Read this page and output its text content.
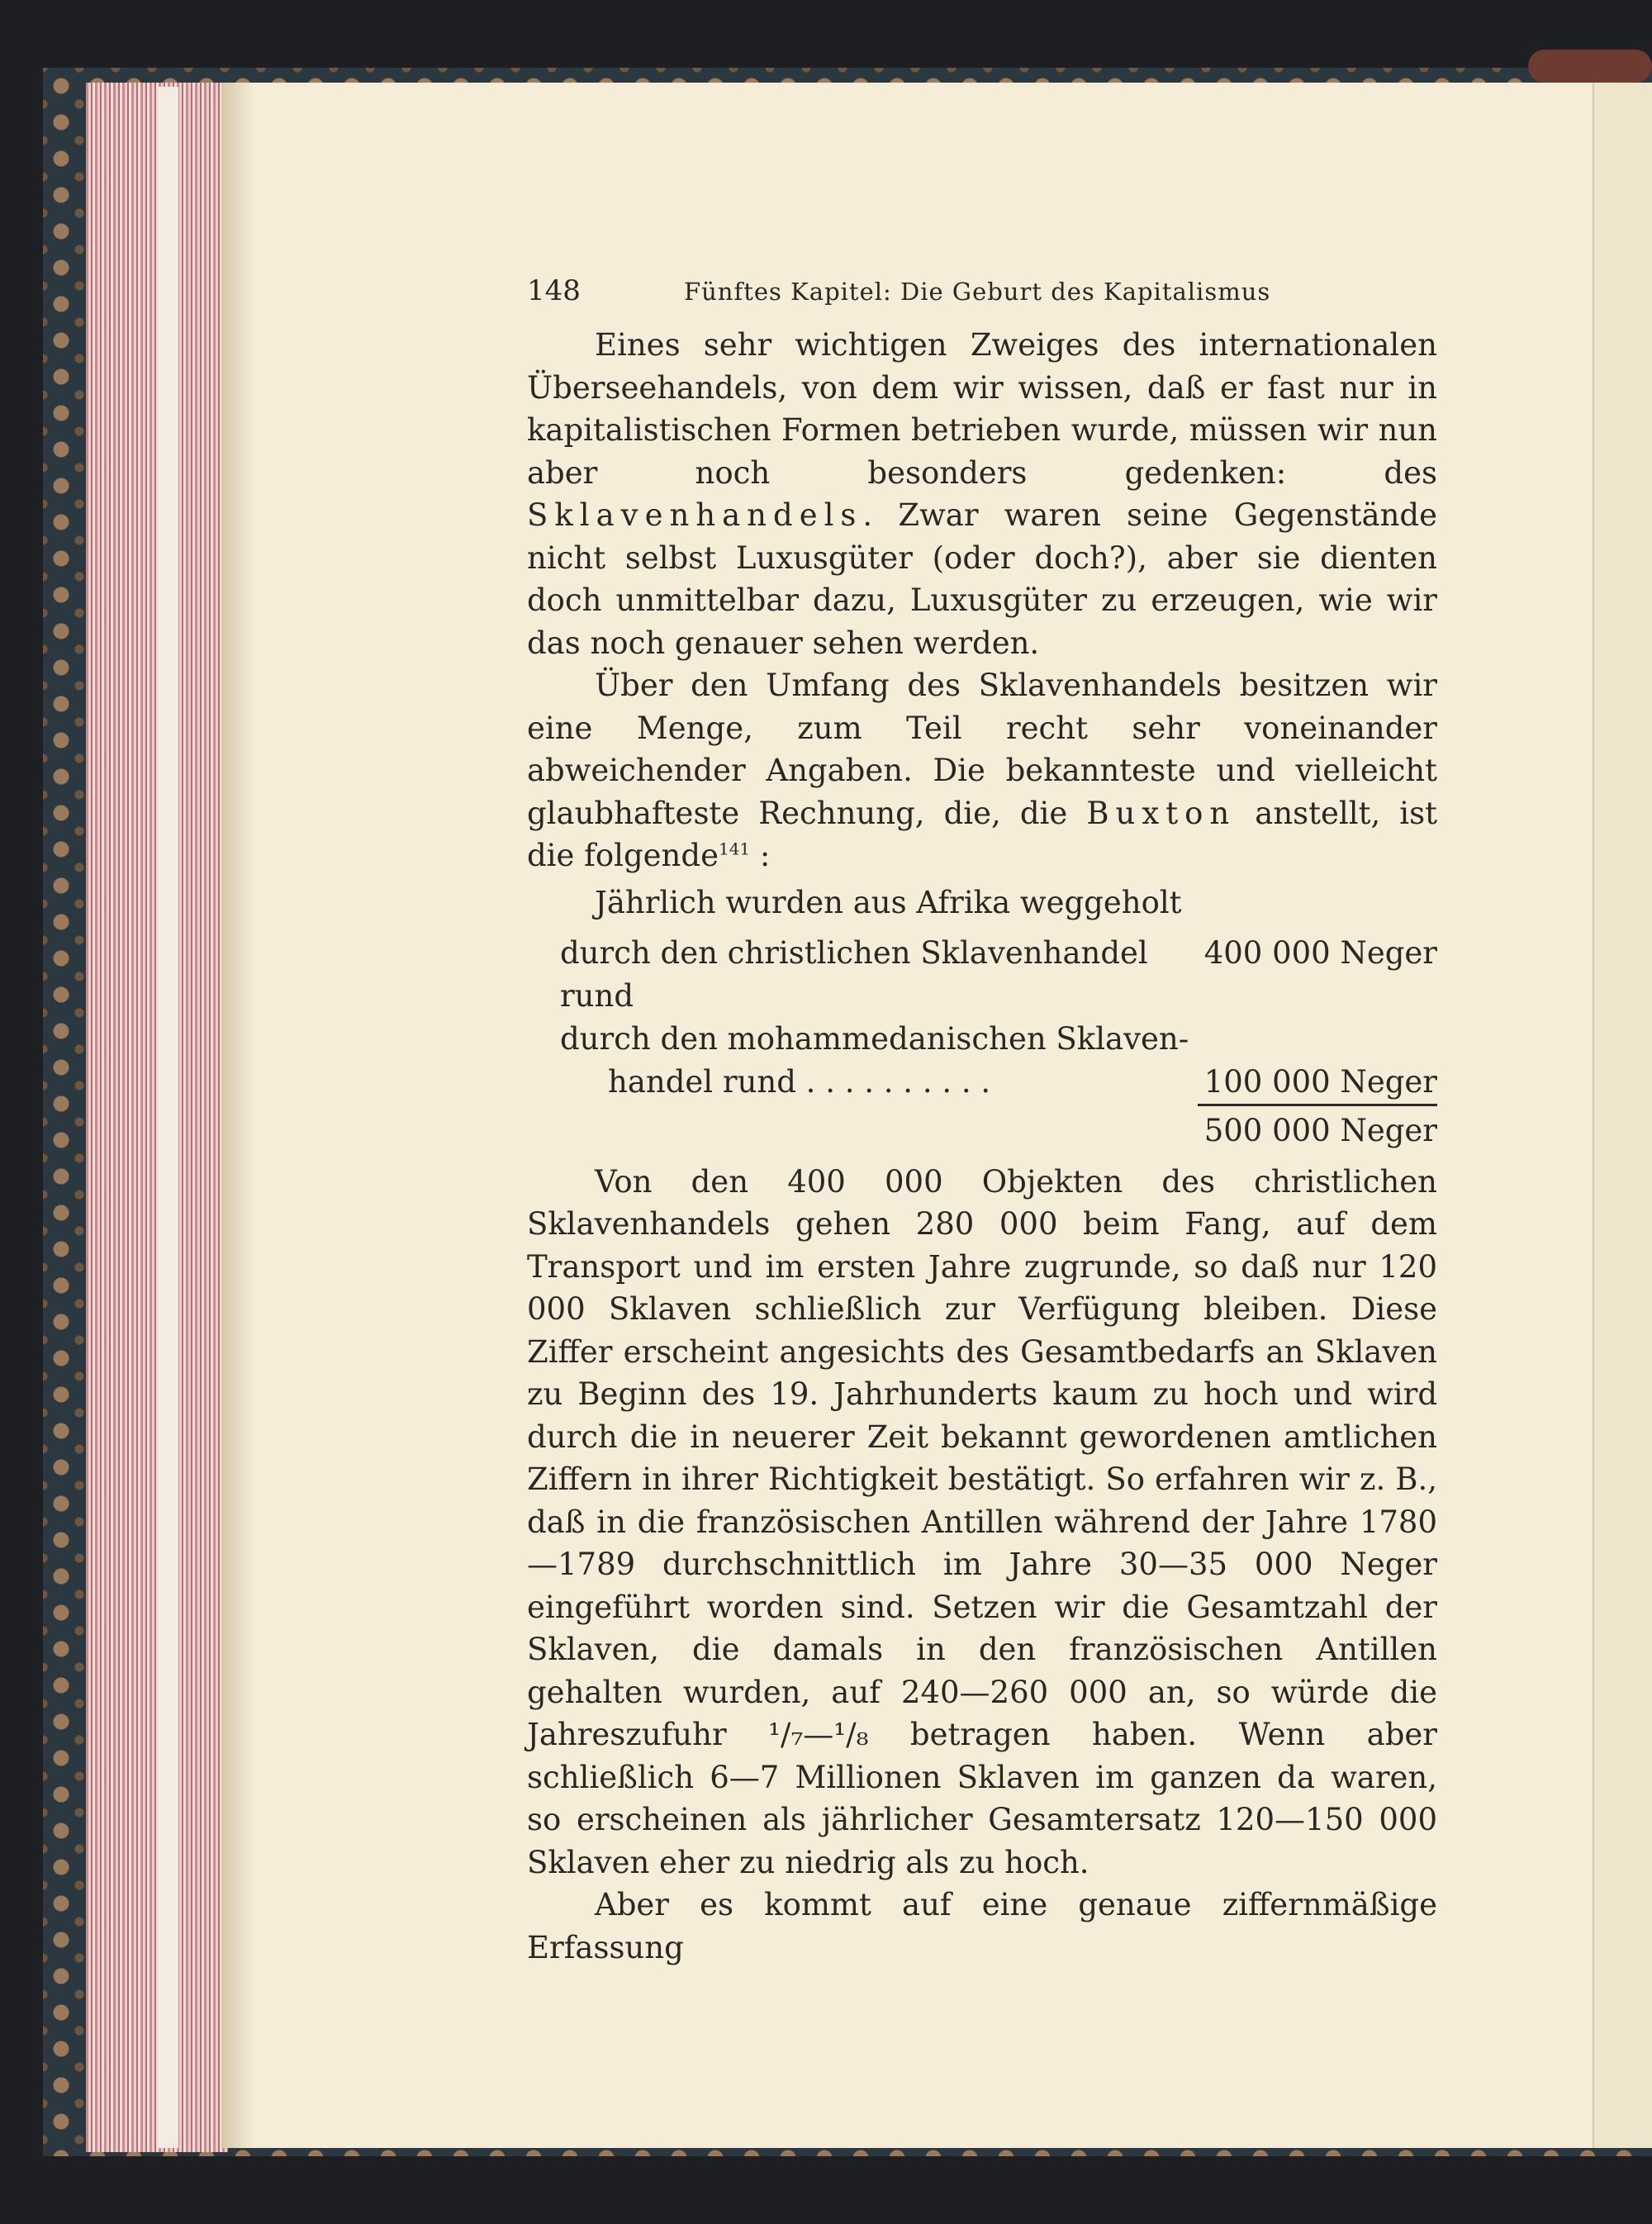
148	Fünftes Kapitel: Die Geburt des Kapitalismus

Eines sehr wichtigen Zweiges des internationalen Überseehandels, von dem wir wissen, daß er fast nur in kapitalistischen Formen betrieben wurde, müssen wir nun aber noch besonders gedenken: des Sklavenhandels. Zwar waren seine Gegenstände nicht selbst Luxusgüter (oder doch?), aber sie dienten doch unmittelbar dazu, Luxusgüter zu erzeugen, wie wir das noch genauer sehen werden.

Über den Umfang des Sklavenhandels besitzen wir eine Menge, zum Teil recht sehr voneinander abweichender Angaben. Die bekannteste und vielleicht glaubhafteste Rechnung, die, die Buxton anstellt, ist die folgende$^{141}$ :

Jährlich wurden aus Afrika weggeholt
durch den christlichen Sklavenhandel rund
400 000 Neger
durch den mohammedanischen Sklaven-
handel rund . . . . . . . . . .	100 000 Neger
500 000 Neger

Von den 400 000 Objekten des christlichen Sklavenhandels gehen 280 000 beim Fang, auf dem Transport und im ersten Jahre zugrunde, so daß nur 120 000 Sklaven schließlich zur Verfügung bleiben. Diese Ziffer erscheint angesichts des Gesamtbedarfs an Sklaven zu Beginn des 19. Jahrhunderts kaum zu hoch und wird durch die in neuerer Zeit bekannt gewordenen amtlichen Ziffern in ihrer Richtigkeit bestätigt. So erfahren wir z. B., daß in die französischen Antillen während der Jahre 1780—1789 durchschnittlich im Jahre 30—35 000 Neger eingeführt worden sind. Setzen wir die Gesamtzahl der Sklaven, die damals in den französischen Antillen gehalten wurden, auf 240—260 000 an, so würde die Jahreszufuhr ¹/₇—¹/₈ betragen haben. Wenn aber schließlich 6—7 Millionen Sklaven im ganzen da waren, so erscheinen als jährlicher Gesamtersatz 120—150 000 Sklaven eher zu niedrig als zu hoch.

Aber es kommt auf eine genaue ziffernmäßige Erfassung
